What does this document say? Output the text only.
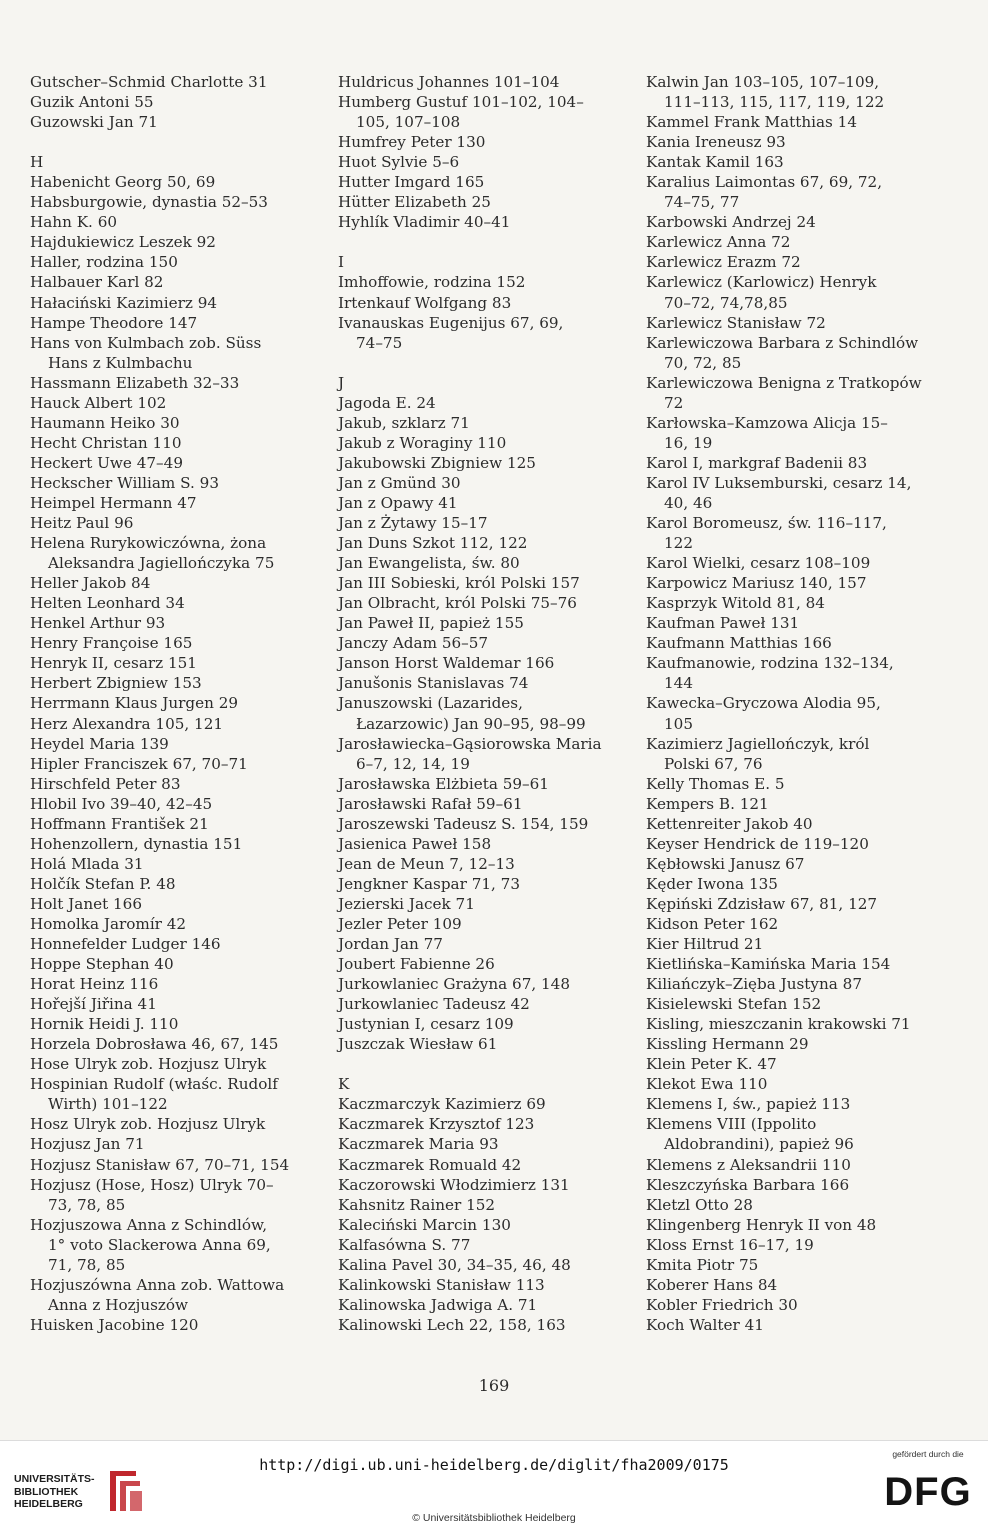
Gutscher–Schmid Charlotte 31
Guzik Antoni 55
Guzowski Jan 71
H
Habenicht Georg 50, 69
Habsburgowie, dynastia 52–53
Hahn K. 60
Hajdukiewicz Leszek 92
Haller, rodzina 150
Halbauer Karl 82
Hałaciński Kazimierz 94
Hampe Theodore 147
Hans von Kulmbach zob. Süss
Hans z Kulmbachu
Hassmann Elizabeth 32–33
Hauck Albert 102
Haumann Heiko 30
Hecht Christan 110
Heckert Uwe 47–49
Heckscher William S. 93
Heimpel Hermann 47
Heitz Paul 96
Helena Rurykowiczówna, żona
Aleksandra Jagiellończyka 75
Heller Jakob 84
Helten Leonhard 34
Henkel Arthur 93
Henry Françoise 165
Henryk II, cesarz 151
Herbert Zbigniew 153
Herrmann Klaus Jurgen 29
Herz Alexandra 105, 121
Heydel Maria 139
Hipler Franciszek 67, 70–71
Hirschfeld Peter 83
Hlobil Ivo 39–40, 42–45
Hoffmann František 21
Hohenzollern, dynastia 151
Holá Mlada 31
Holčík Stefan P. 48
Holt Janet 166
Homolka Jaromír 42
Honnefelder Ludger 146
Hoppe Stephan 40
Horat Heinz 116
Hořejší Jiřina 41
Hornik Heidi J. 110
Horzela Dobrosława 46, 67, 145
Hose Ulryk zob. Hozjusz Ulryk
Hospinian Rudolf (właśc. Rudolf
Wirth) 101–122
Hosz Ulryk zob. Hozjusz Ulryk
Hozjusz Jan 71
Hozjusz Stanisław 67, 70–71, 154
Hozjusz (Hose, Hosz) Ulryk 70–
73, 78, 85
Hozjuszowa Anna z Schindlów,
1° voto Slackerowa Anna 69,
71, 78, 85
Hozjuszówna Anna zob. Wattowa
Anna z Hozjuszów
Huisken Jacobine 120
Huldricus Johannes 101–104
Humberg Gustuf 101–102, 104–
105, 107–108
Humfrey Peter 130
Huot Sylvie 5–6
Hutter Imgard 165
Hütter Elizabeth 25
Hyhlík Vladimir 40–41
I
Imhoffowie, rodzina 152
Irtenkauf Wolfgang 83
Ivanauskas Eugenijus 67, 69,
74–75
J
Jagoda E. 24
Jakub, szklarz 71
Jakub z Woraginy 110
Jakubowski Zbigniew 125
Jan z Gmünd 30
Jan z Opawy 41
Jan z Żytawy 15–17
Jan Duns Szkot 112, 122
Jan Ewangelista, św. 80
Jan III Sobieski, król Polski 157
Jan Olbracht, król Polski 75–76
Jan Paweł II, papież 155
Janczy Adam 56–57
Janson Horst Waldemar 166
Janušonis Stanislavas 74
Januszowski (Lazarides,
Łazarzowic) Jan 90–95, 98–99
Jarosławiecka–Gąsiorowska Maria
6–7, 12, 14, 19
Jarosławska Elżbieta 59–61
Jarosławski Rafał 59–61
Jaroszewski Tadeusz S. 154, 159
Jasienica Paweł 158
Jean de Meun 7, 12–13
Jengkner Kaspar 71, 73
Jezierski Jacek 71
Jezler Peter 109
Jordan Jan 77
Joubert Fabienne 26
Jurkowlaniec Grażyna 67, 148
Jurkowlaniec Tadeusz 42
Justynian I, cesarz 109
Juszczak Wiesław 61
K
Kaczmarczyk Kazimierz 69
Kaczmarek Krzysztof 123
Kaczmarek Maria 93
Kaczmarek Romuald 42
Kaczorowski Włodzimierz 131
Kahsnitz Rainer 152
Kaleciński Marcin 130
Kalfasówna S. 77
Kalina Pavel 30, 34–35, 46, 48
Kalinkowski Stanisław 113
Kalinowska Jadwiga A. 71
Kalinowski Lech 22, 158, 163
Kalwin Jan 103–105, 107–109,
111–113, 115, 117, 119, 122
Kammel Frank Matthias 14
Kania Ireneusz 93
Kantak Kamil 163
Karalius Laimontas 67, 69, 72,
74–75, 77
Karbowski Andrzej 24
Karlewicz Anna 72
Karlewicz Erazm 72
Karlewicz (Karlowicz) Henryk
70–72, 74,78,85
Karlewicz Stanisław 72
Karlewiczowa Barbara z Schindlów
70, 72, 85
Karlewiczowa Benigna z Tratkopów
72
Karłowska–Kamzowa Alicja 15–
16, 19
Karol I, markgraf Badenii 83
Karol IV Luksemburski, cesarz 14,
40, 46
Karol Boromeusz, św. 116–117,
122
Karol Wielki, cesarz 108–109
Karpowicz Mariusz 140, 157
Kasprzyk Witold 81, 84
Kaufman Paweł 131
Kaufmann Matthias 166
Kaufmanowie, rodzina 132–134,
144
Kawecka–Gryczowa Alodia 95,
105
Kazimierz Jagiellończyk, król
Polski 67, 76
Kelly Thomas E. 5
Kempers B. 121
Kettenreiter Jakob 40
Keyser Hendrick de 119–120
Kębłowski Janusz 67
Kęder Iwona 135
Kępiński Zdzisław 67, 81, 127
Kidson Peter 162
Kier Hiltrud 21
Kietlińska–Kamińska Maria 154
Kiliańczyk–Zięba Justyna 87
Kisielewski Stefan 152
Kisling, mieszczanin krakowski 71
Kissling Hermann 29
Klein Peter K. 47
Klekot Ewa 110
Klemens I, św., papież 113
Klemens VIII (Ippolito
Aldobrandini), papież 96
Klemens z Aleksandrii 110
Kleszczyńska Barbara 166
Kletzl Otto 28
Klingenberg Henryk II von 48
Kloss Ernst 16–17, 19
Kmita Piotr 75
Koberer Hans 84
Kobler Friedrich 30
Koch Walter 41
169
UNIVERSITÄTS-
BIBLIOTHEK
HEIDELBERG
http://digi.ub.uni-heidelberg.de/diglit/fha2009/0175
© Universitätsbibliothek Heidelberg
gefördert durch die
DFG
